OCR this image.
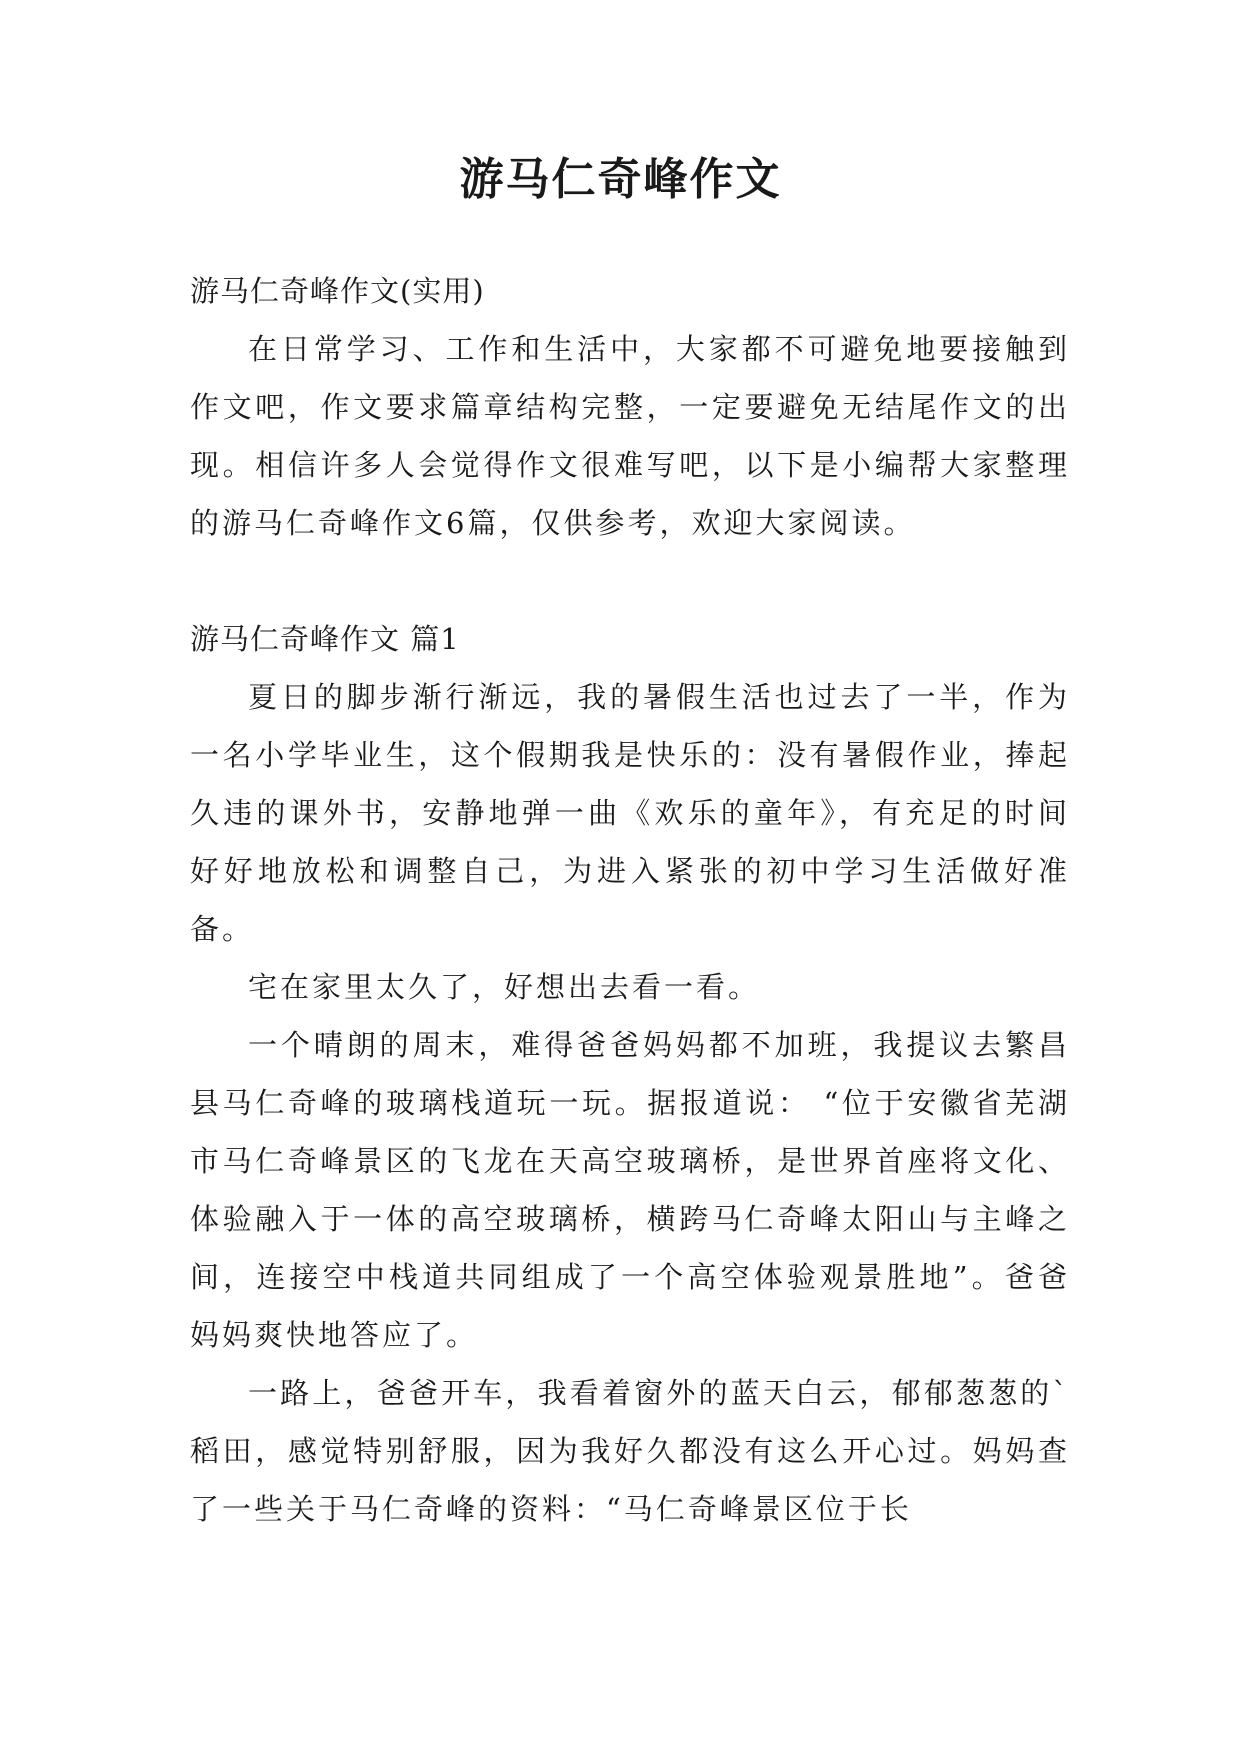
游马仁奇峰作文

游马仁奇峰作文(实用)

在日常学习、工作和生活中，大家都不可避免地要接触到作文吧，作文要求篇章结构完整，一定要避免无结尾作文的出现。相信许多人会觉得作文很难写吧，以下是小编帮大家整理的游马仁奇峰作文6篇，仅供参考，欢迎大家阅读。

游马仁奇峰作文 篇1

夏日的脚步渐行渐远，我的暑假生活也过去了一半，作为一名小学毕业生，这个假期我是快乐的：没有暑假作业，捧起久违的课外书，安静地弹一曲《欢乐的童年》，有充足的时间好好地放松和调整自己，为进入紧张的初中学习生活做好准备。

宅在家里太久了，好想出去看一看。

一个晴朗的周末，难得爸爸妈妈都不加班，我提议去繁昌县马仁奇峰的玻璃栈道玩一玩。据报道说： “位于安徽省芜湖市马仁奇峰景区的飞龙在天高空玻璃桥，是世界首座将文化、体验融入于一体的高空玻璃桥，横跨马仁奇峰太阳山与主峰之间，连接空中栈道共同组成了一个高空体验观景胜地”。爸爸妈妈爽快地答应了。

一路上，爸爸开车，我看着窗外的蓝天白云，郁郁葱葱的`稻田，感觉特别舒服，因为我好久都没有这么开心过。妈妈查了一些关于马仁奇峰的资料：“马仁奇峰景区位于长
